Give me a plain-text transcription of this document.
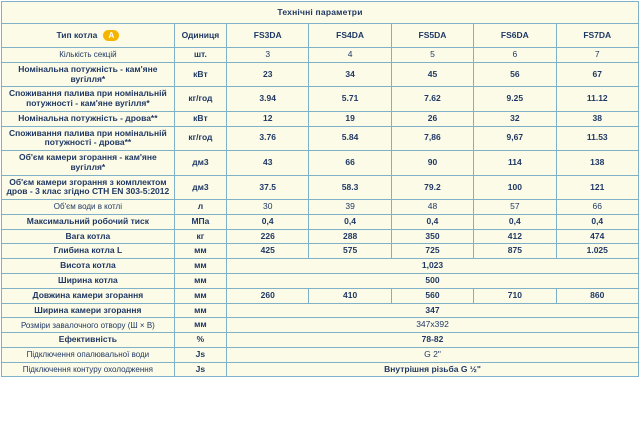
Технічні параметри						
Тип котла A	Одиниця	FS3DA	FS4DA	FS5DA	FS6DA	FS7DA
Кількість секцій	шт.	3	4	5	6	7
Номінальна потужність - кам'яне вугілля*	кВт	23	34	45	56	67
Споживання палива при номінальній потужності - кам'яне вугілля*	кг/год	3.94	5.71	7.62	9.25	11.12
Номінальна потужність - дрова**	кВт	12	19	26	32	38
Споживання палива при номінальній потужності - дрова**	кг/год	3.76	5.84	7,86	9,67	11.53
Об'єм камери згорання - кам'яне вугілля*	дм3	43	66	90	114	138
Об'єм камери згорання з комплектом дров - 3 клас згідно СТН EN 303-5:2012	дм3	37.5	58.3	79.2	100	121
Об'єм води в котлі	л	30	39	48	57	66
Максимальний робочий тиск	МПа	0,4	0,4	0,4	0,4	0,4
Вага котла	кг	226	288	350	412	474
Глибина котла L	мм	425	575	725	875	1.025
Висота котла	мм	1,023				
Ширина котла	мм	500				
Довжина камери згорання	мм	260	410	560	710	860
Ширина камери згорання	мм	347				
Розміри завалочного отвору (Ш × В)	мм	347х392				
Ефективність	%	78-82				
Підключення опалювальної води	Js	G 2"				
Підключення контуру охолодження	Js	Внутрішня різьба G ½"				
